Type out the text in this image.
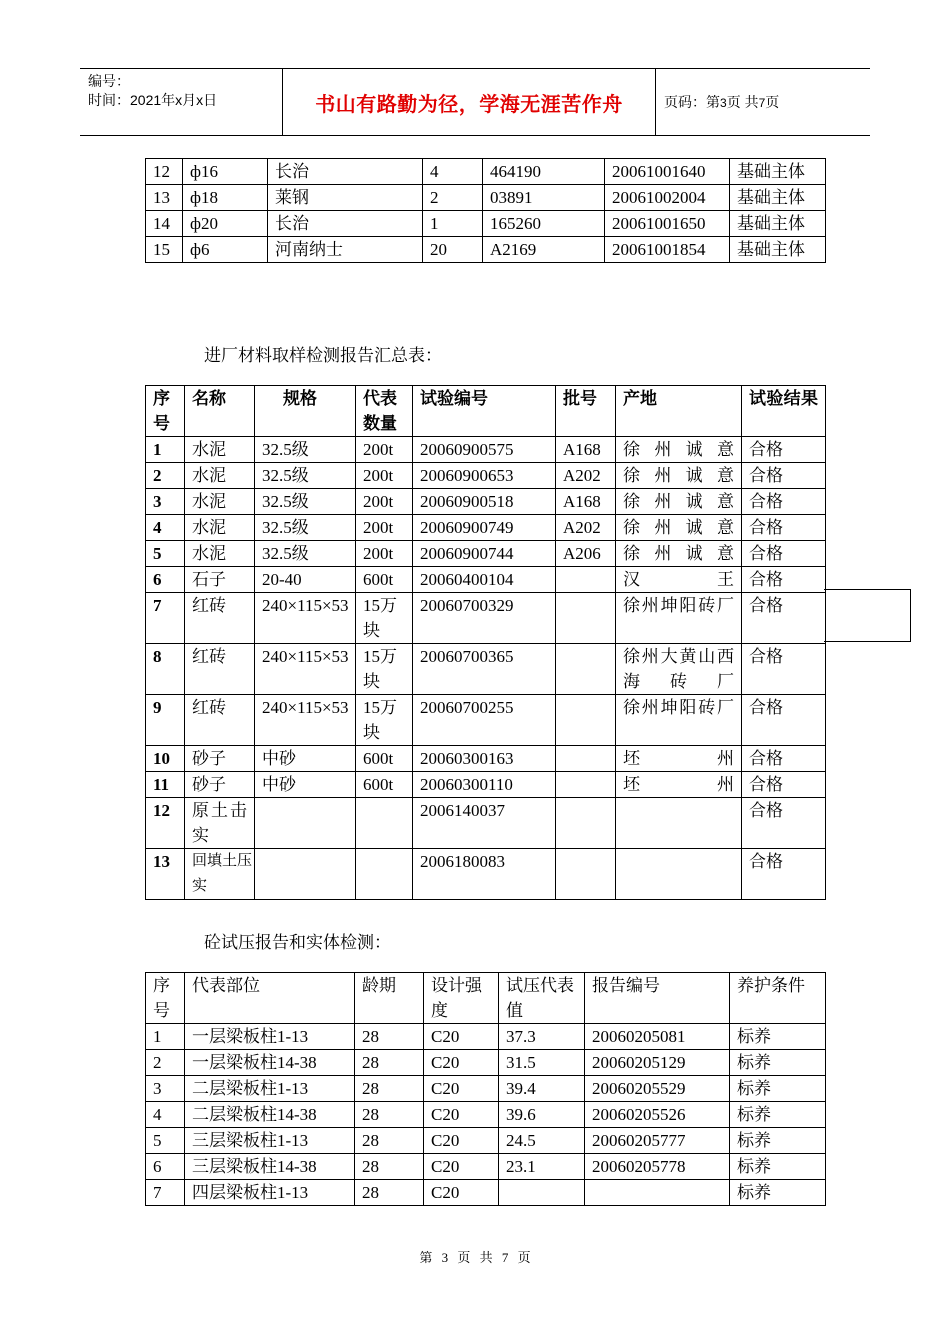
编号：
时间：2021年x月x日	书山有路勤为径，学海无涯苦作舟	页码：第3页 共7页
12	ф16	长治	4	464190	20061001640	基础主体
13	ф18	莱钢	2	03891	20061002004	基础主体
14	ф20	长治	1	165260	20061001650	基础主体
15	ф6	河南纳士	20	A2169	20061001854	基础主体
进厂材料取样检测报告汇总表：
序号	名称	规格	代表数量	试验编号	批号	产地	试验结果
1	水泥	32.5级	200t	20060900575	A168	徐州诚意	合格
2	水泥	32.5级	200t	20060900653	A202	徐州诚意	合格
3	水泥	32.5级	200t	20060900518	A168	徐州诚意	合格
4	水泥	32.5级	200t	20060900749	A202	徐州诚意	合格
5	水泥	32.5级	200t	20060900744	A206	徐州诚意	合格
6	石子	20-40	600t	20060400104		汉王	合格
7	红砖	240×115×53	15万块	20060700329		徐州坤阳砖厂	合格
8	红砖	240×115×53	15万块	20060700365		徐州大黄山西海砖厂	合格
9	红砖	240×115×53	15万块	20060700255		徐州坤阳砖厂	合格
10	砂子	中砂	600t	20060300163		坯州	合格
11	砂子	中砂	600t	20060300110		坯州	合格
12	原土击实			2006140037			合格
13	回填土压实			2006180083			合格
砼试压报告和实体检测：
序号	代表部位	龄期	设计强度	试压代表值	报告编号	养护条件
1	一层梁板柱1-13	28	C20	37.3	20060205081	标养
2	一层梁板柱14-38	28	C20	31.5	20060205129	标养
3	二层梁板柱1-13	28	C20	39.4	20060205529	标养
4	二层梁板柱14-38	28	C20	39.6	20060205526	标养
5	三层梁板柱1-13	28	C20	24.5	20060205777	标养
6	三层梁板柱14-38	28	C20	23.1	20060205778	标养
7	四层梁板柱1-13	28	C20			标养
第 3 页 共 7 页
